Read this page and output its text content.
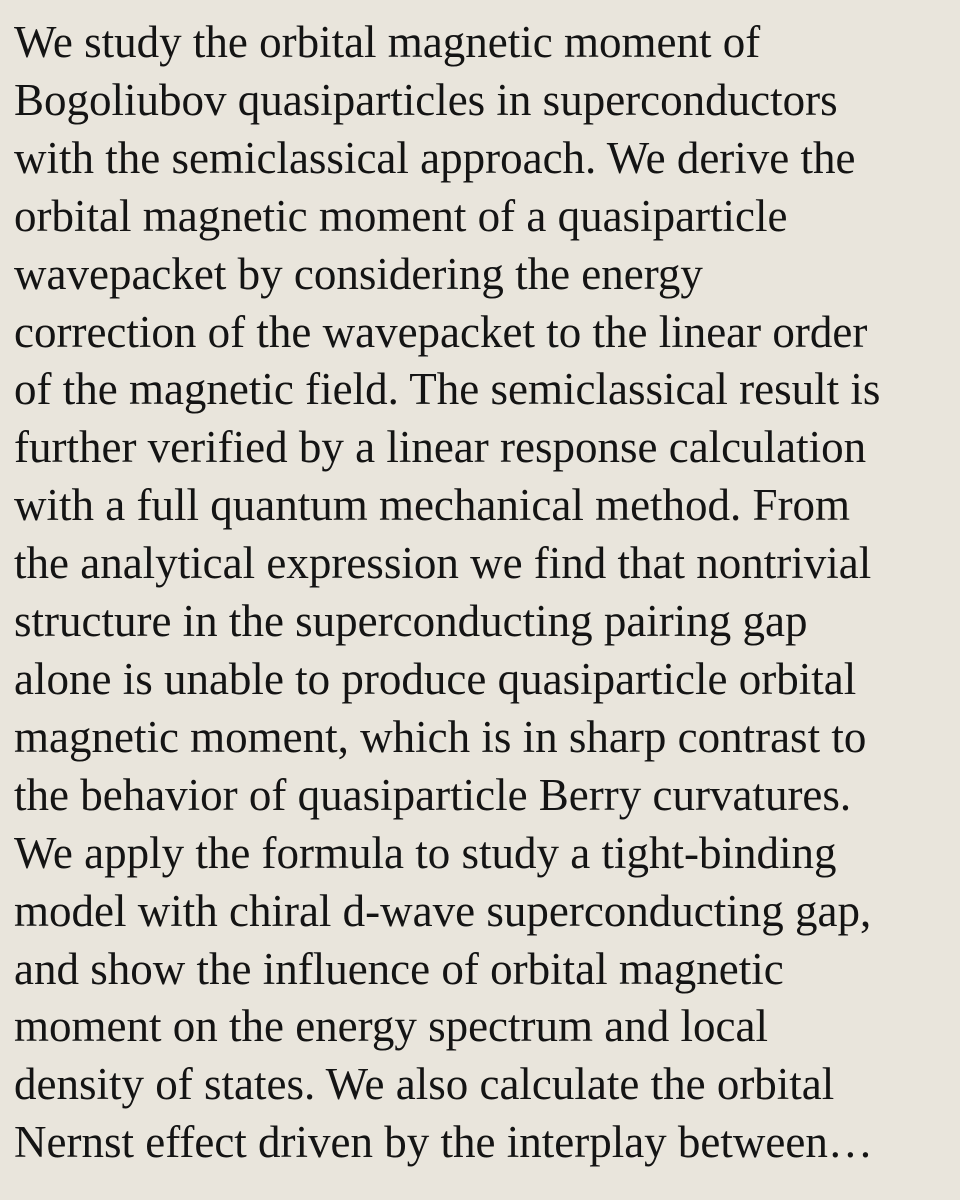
We study the orbital magnetic moment of
Bogoliubov quasiparticles in superconductors
with the semiclassical approach. We derive the
orbital magnetic moment of a quasiparticle
wavepacket by considering the energy
correction of the wavepacket to the linear order
of the magnetic field. The semiclassical result is
further verified by a linear response calculation
with a full quantum mechanical method. From
the analytical expression we find that nontrivial
structure in the superconducting pairing gap
alone is unable to produce quasiparticle orbital
magnetic moment, which is in sharp contrast to
the behavior of quasiparticle Berry curvatures.
We apply the formula to study a tight-binding
model with chiral d-wave superconducting gap,
and show the influence of orbital magnetic
moment on the energy spectrum and local
density of states. We also calculate the orbital
Nernst effect driven by the interplay between…
